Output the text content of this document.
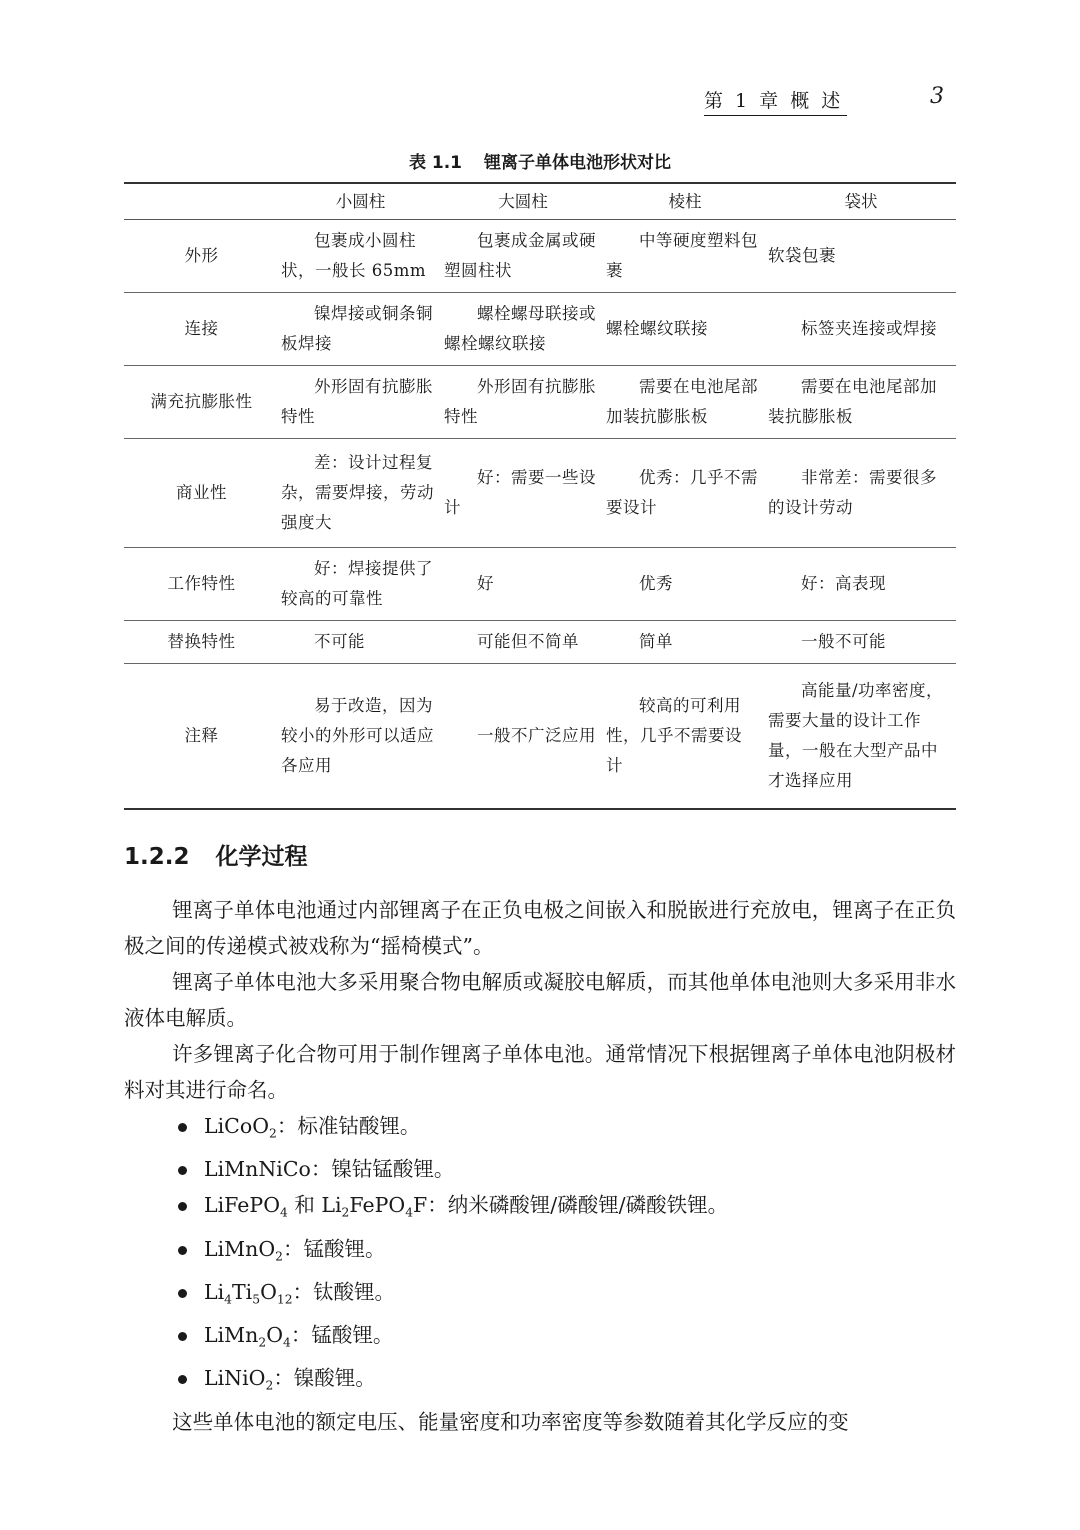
第 1 章 概 述	3
表 1.1 锂离子单体电池形状对比
	小圆柱	大圆柱	棱柱	袋状
外形	包裹成小圆柱状，一般长 65mm	包裹成金属或硬塑圆柱状	中等硬度塑料包裹	软袋包裹
连接	镍焊接或铜条铜板焊接	螺栓螺母联接或螺栓螺纹联接	螺栓螺纹联接	标签夹连接或焊接
满充抗膨胀性	外形固有抗膨胀特性	外形固有抗膨胀特性	需要在电池尾部加装抗膨胀板	需要在电池尾部加装抗膨胀板
商业性	差：设计过程复杂，需要焊接，劳动强度大	好：需要一些设计	优秀：几乎不需要设计	非常差：需要很多的设计劳动
工作特性	好：焊接提供了较高的可靠性	好	优秀	好：高表现
替换特性	不可能	可能但不简单	简单	一般不可能
注释	易于改造，因为较小的外形可以适应各应用	一般不广泛应用	较高的可利用性，几乎不需要设计	高能量/功率密度，需要大量的设计工作量，一般在大型产品中才选择应用
1.2.2 化学过程

锂离子单体电池通过内部锂离子在正负电极之间嵌入和脱嵌进行充放电，锂离子在正负极之间的传递模式被戏称为“摇椅模式”。

锂离子单体电池大多采用聚合物电解质或凝胶电解质，而其他单体电池则大多采用非水液体电解质。

许多锂离子化合物可用于制作锂离子单体电池。通常情况下根据锂离子单体电池阴极材料对其进行命名。

LiCoO$_2$：标准钴酸锂。
LiMnNiCo：镍钴锰酸锂。
LiFePO$_4$ 和 $Li_2FePO_4F$：纳米磷酸锂/磷酸锂/磷酸铁锂。
LiMnO$_2$：锰酸锂。
$Li_4Ti_5O_{12}$：钛酸锂。
$LiMn_2O_4$：锰酸锂。
LiNiO$_2$：镍酸锂。

这些单体电池的额定电压、能量密度和功率密度等参数随着其化学反应的变
